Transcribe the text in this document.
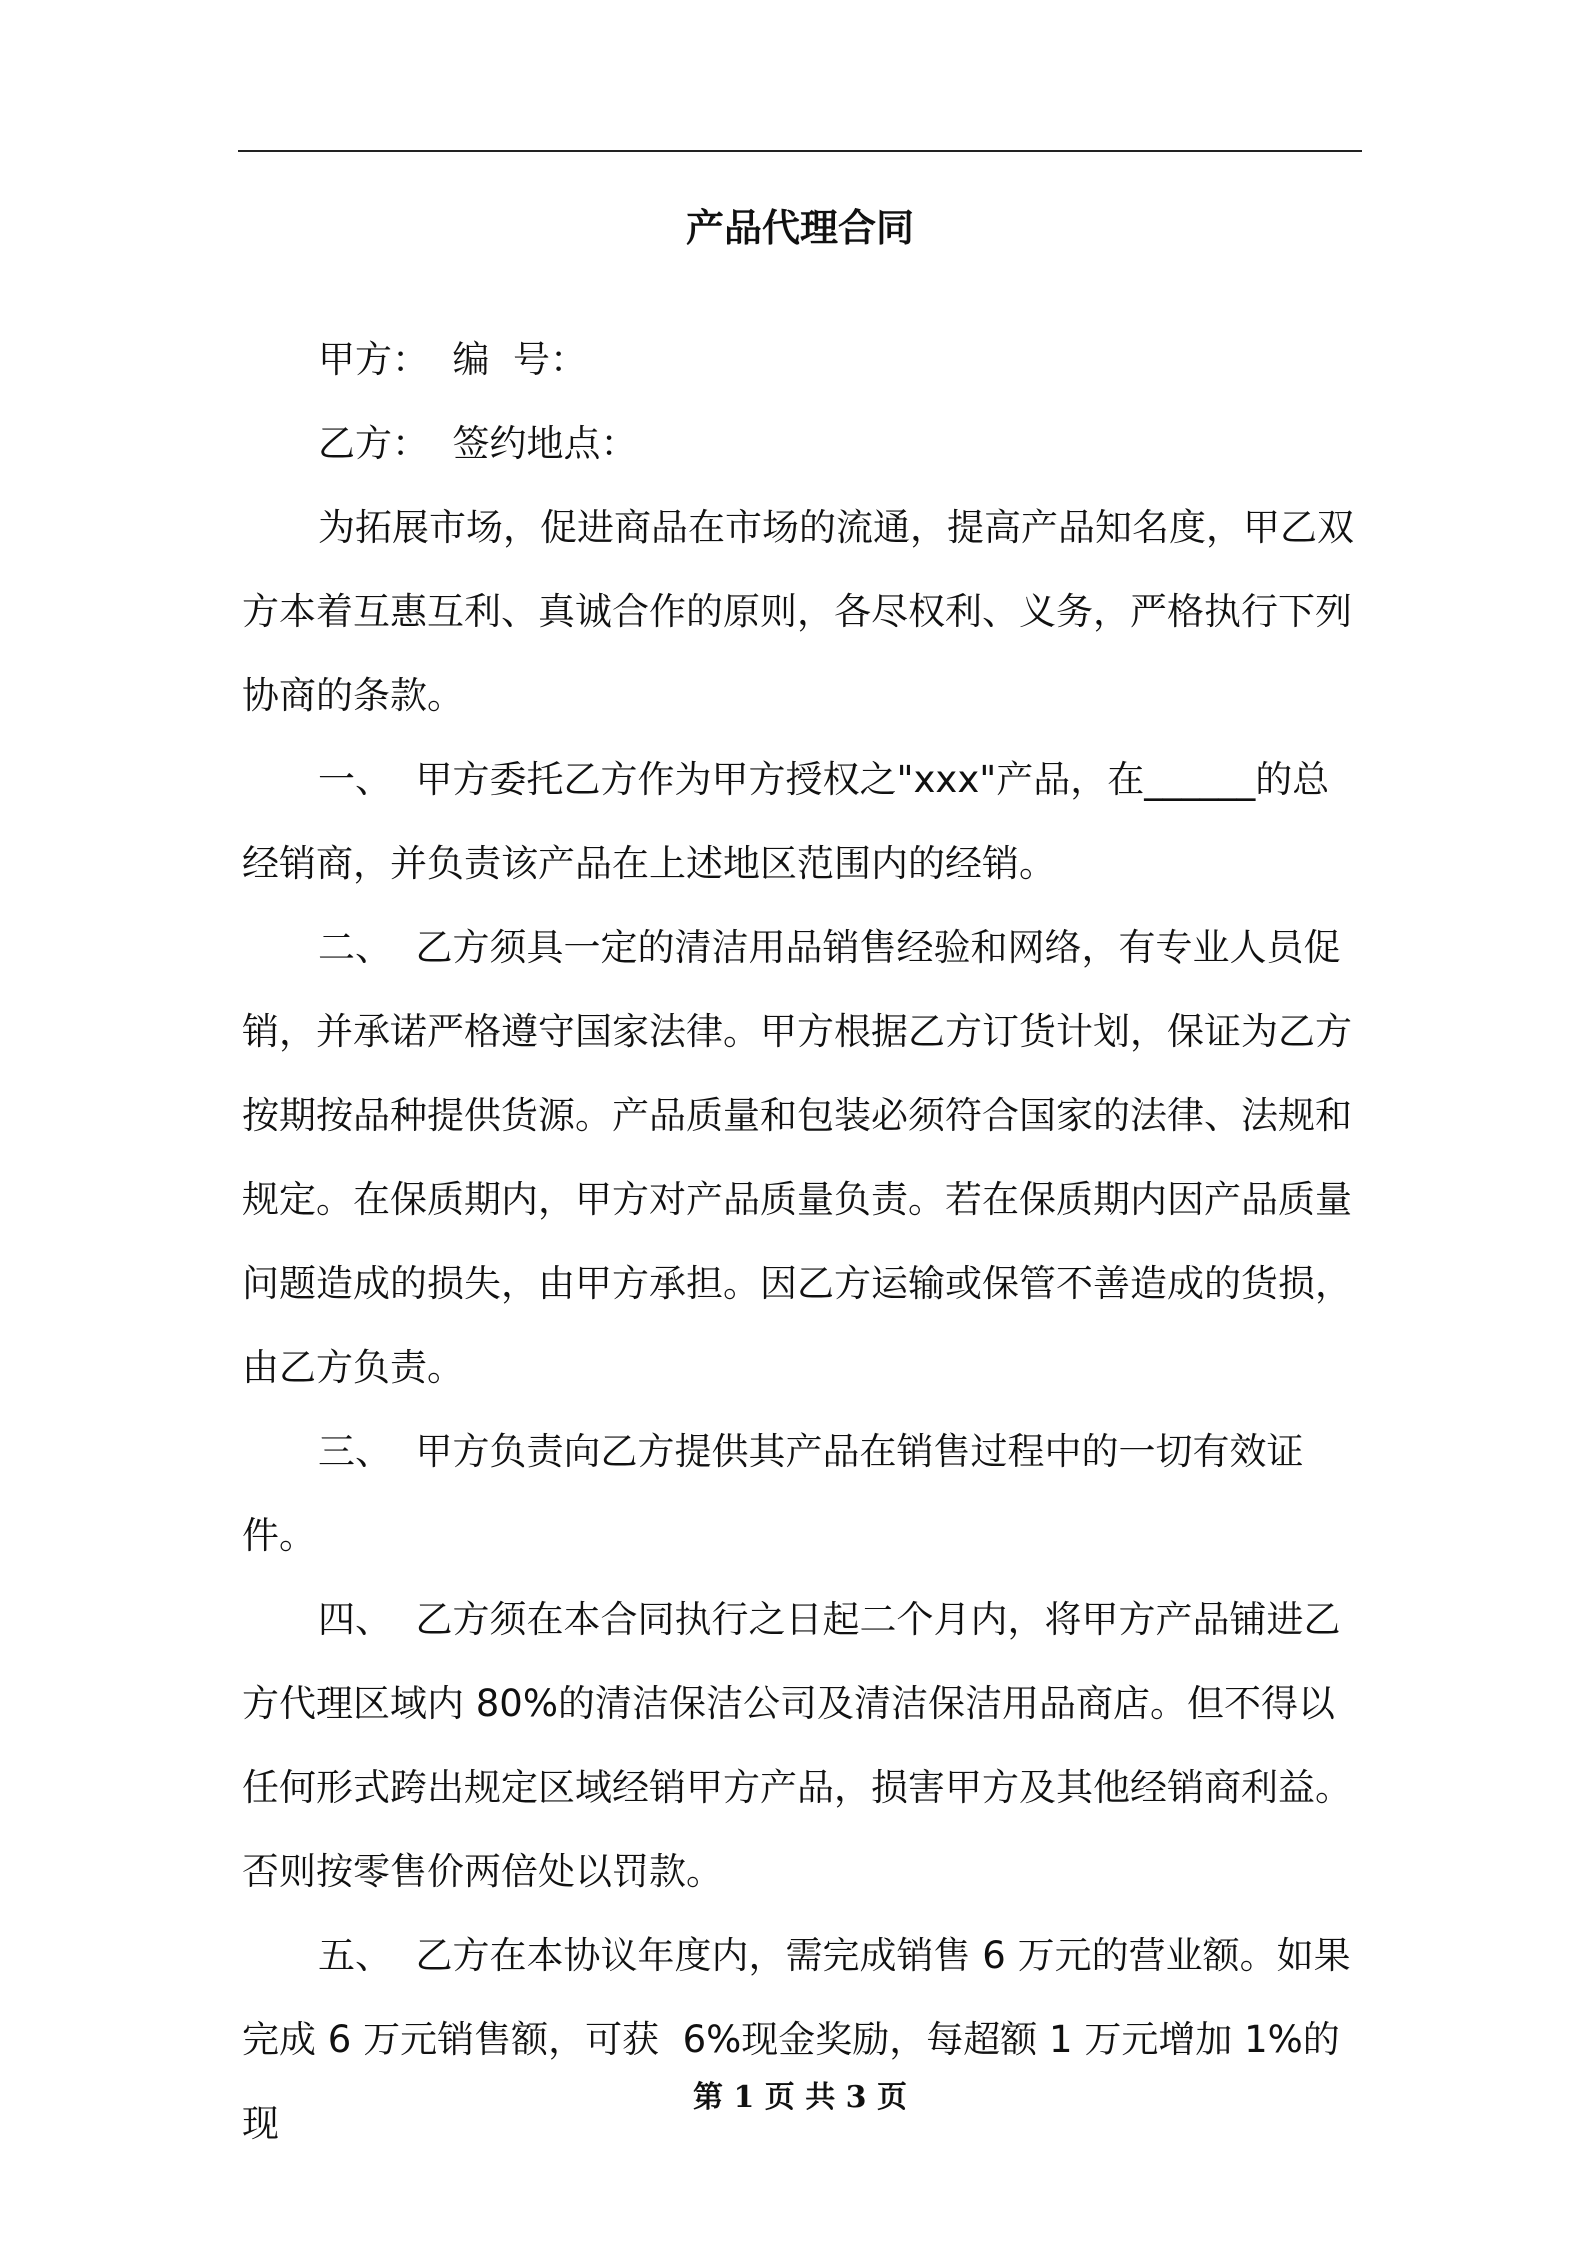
产品代理合同

甲方：  编  号：

乙方：  签约地点：

为拓展市场，促进商品在市场的流通，提高产品知名度，甲乙双方本着互惠互利、真诚合作的原则，各尽权利、义务，严格执行下列协商的条款。

一、  甲方委托乙方作为甲方授权之"xxx"产品，在______的总经销商，并负责该产品在上述地区范围内的经销。

二、  乙方须具一定的清洁用品销售经验和网络，有专业人员促销，并承诺严格遵守国家法律。甲方根据乙方订货计划，保证为乙方按期按品种提供货源。产品质量和包装必须符合国家的法律、法规和规定。在保质期内，甲方对产品质量负责。若在保质期内因产品质量问题造成的损失，由甲方承担。因乙方运输或保管不善造成的货损，由乙方负责。

三、  甲方负责向乙方提供其产品在销售过程中的一切有效证件。

四、  乙方须在本合同执行之日起二个月内，将甲方产品铺进乙方代理区域内 80%的清洁保洁公司及清洁保洁用品商店。但不得以任何形式跨出规定区域经销甲方产品，损害甲方及其他经销商利益。否则按零售价两倍处以罚款。

五、  乙方在本协议年度内，需完成销售 6 万元的营业额。如果完成 6 万元销售额，可获  6%现金奖励，每超额 1 万元增加 1%的现

第 1 页 共 3 页
